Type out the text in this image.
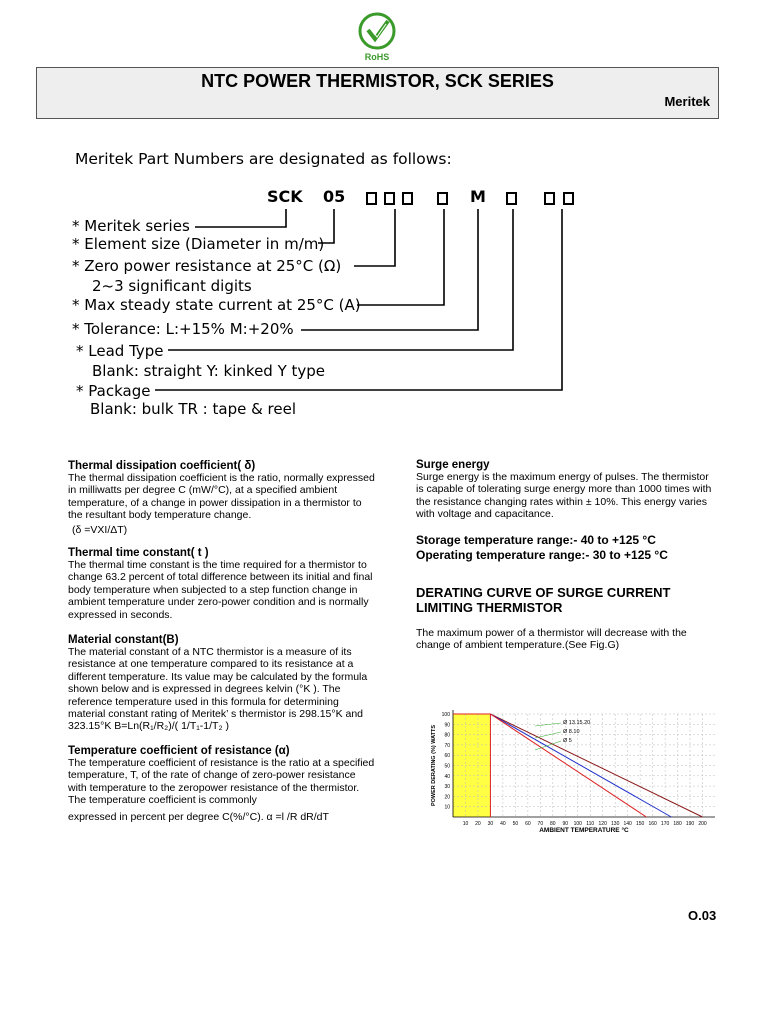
RoHS
NTC POWER THERMISTOR, SCK SERIES
Meritek
Meritek Part Numbers are designated as follows:
SCK 05	M
* Meritek series
* Element size (Diameter in m/m)
* Zero power resistance at 25°C (Ω)
2~3 significant digits
* Max steady state current at 25°C (A)
* Tolerance: L:+15% M:+20%
* Lead Type
Blank: straight Y: kinked Y type
* Package
Blank: bulk TR : tape & reel
Thermal dissipation coefficient( δ)
The thermal dissipation coefficient is the ratio, normally expressed in milliwatts per degree C (mW/°C), at a specified ambient temperature, of a change in power dissipation in a thermistor to the resultant body temperature change.
(δ =VXI/ΔT)
Thermal time constant( t )
The thermal time constant is the time required for a thermistor to change 63.2 percent of total difference between its initial and final body temperature when subjected to a step function change in ambient temperature under zero-power condition and is normally expressed in seconds.
Material constant(B)
The material constant of a NTC thermistor is a measure of its resistance at one temperature compared to its resistance at a different temperature. Its value may be calculated by the formula shown below and is expressed in degrees kelvin (°K ). The reference temperature used in this formula for determining material constant rating of Meritek’ s thermistor is 298.15°K and 323.15°K B=Ln(R₁/R₂)/( 1/T₁-1/T₂ )
Temperature coefficient of resistance (α)
The temperature coefficient of resistance is the ratio at a specified temperature, T, of the rate of change of zero-power resistance with temperature to the zeropower resistance of the thermistor. The temperature coefficient is commonly
expressed in percent per degree C(%/°C). α =l /R dR/dT
Surge energy
Surge energy is the maximum energy of pulses. The thermistor is capable of tolerating surge energy more than 1000 times with the resistance changing rates within ± 10%. This energy varies with voltage and capacitance.
Storage temperature range:- 40 to +125 °C
Operating temperature range:- 30 to +125 °C
DERATING CURVE OF SURGE CURRENT LIMITING THERMISTOR
The maximum power of a thermistor will decrease with the change of ambient temperature.(See Fig.G)
100
90
80
70
60
50
40
30
20
10
10 20 30 40 50 60 70 80 90 100 110 120 130 140 150 160 170 180 190 200
Ø 13.15.20
Ø 8.10
Ø 5
AMBIENT TEMPERATURE °C
POWER DERATING (%) WATTS
O.03
